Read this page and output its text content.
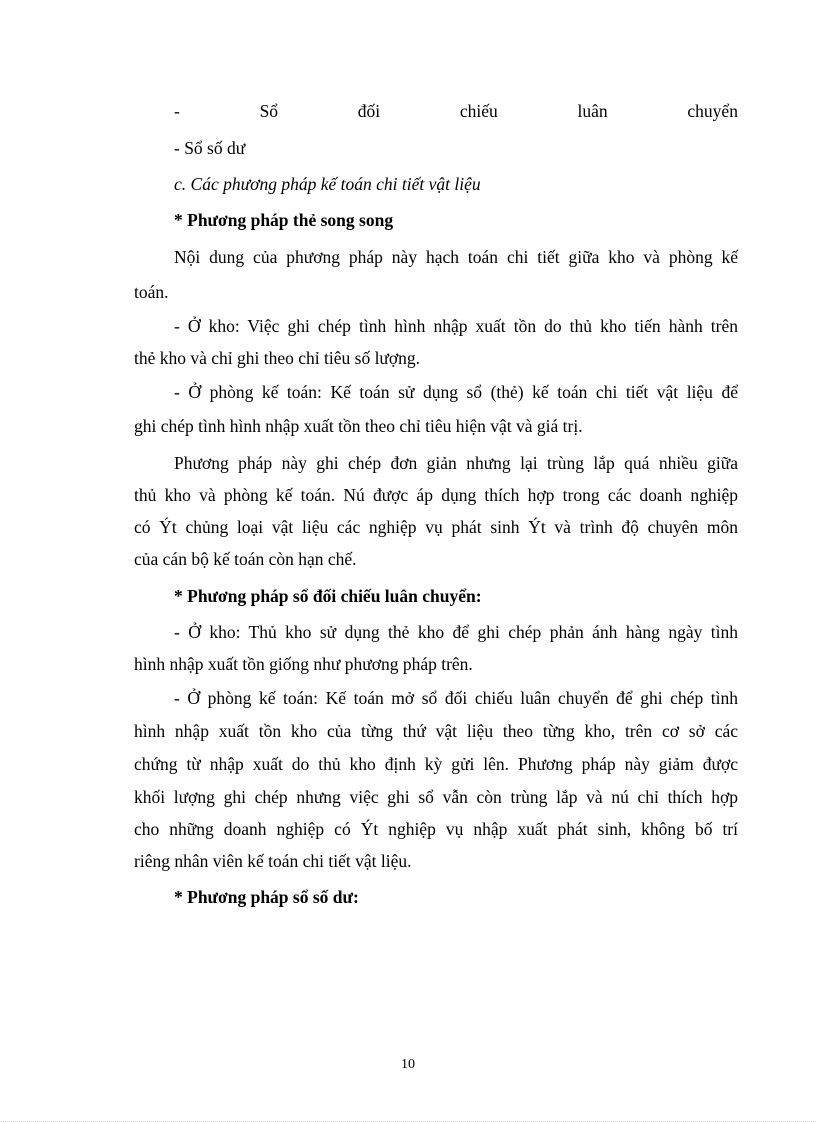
-	Sổ	đối	chiếu	luân	chuyển
- Sổ số dư
c. Các phương pháp kế toán chi tiết vật liệu
* Phương pháp thẻ song song
Nội dung của phương pháp này hạch toán chi tiết giữa kho và phòng kế
toán.
- Ở kho: Việc ghi chép tình hình nhập xuất tồn do thủ kho tiến hành trên
thẻ kho và chỉ ghi theo chỉ tiêu số lượng.
- Ở phòng kế toán: Kế toán sử dụng sổ (thẻ) kế toán chi tiết vật liệu để
ghi chép tình hình nhập xuất tồn theo chỉ tiêu hiện vật và giá trị.
Phương pháp này ghi chép đơn giản nhưng lại trùng lắp quá nhiều giữa
thủ kho và phòng kế toán. Nú được áp dụng thích hợp trong các doanh nghiệp
có Ýt chủng loại vật liệu các nghiệp vụ phát sinh Ýt và trình độ chuyên môn
của cán bộ kế toán còn hạn chế.
* Phương pháp sổ đối chiếu luân chuyển:
- Ở kho: Thủ kho sử dụng thẻ kho để ghi chép phản ánh hàng ngày tình
hình nhập xuất tồn giống như phương pháp trên.
- Ở phòng kế toán: Kế toán mở sổ đối chiếu luân chuyển để ghi chép tình
hình nhập xuất tồn kho của từng thứ vật liệu theo từng kho, trên cơ sở các
chứng từ nhập xuất do thủ kho định kỳ gửi lên. Phương pháp này giảm được
khối lượng ghi chép nhưng việc ghi sổ vẫn còn trùng lắp và nú chỉ thích hợp
cho những doanh nghiệp có Ýt nghiệp vụ nhập xuất phát sinh, không bố trí
riêng nhân viên kế toán chi tiết vật liệu.
* Phương pháp sổ số dư:
10
